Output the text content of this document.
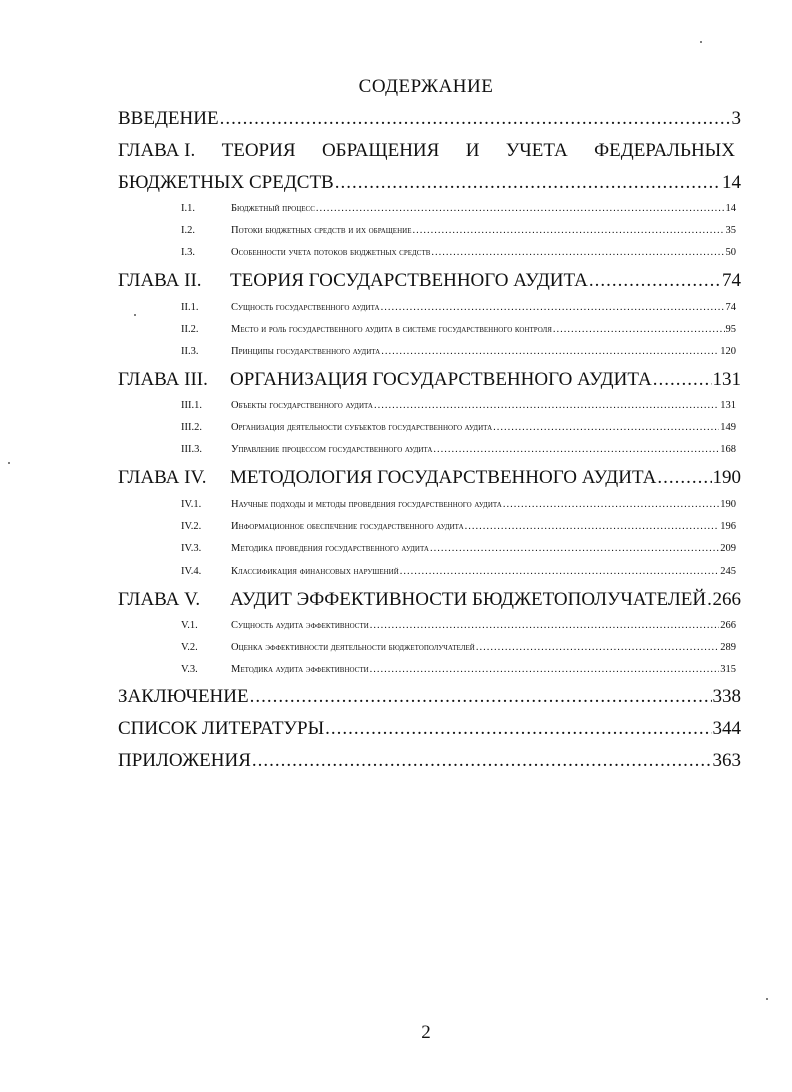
СОДЕРЖАНИЕ
ВВЕДЕНИЕ .....	3
ГЛАВА I. ТЕОРИЯ ОБРАЩЕНИЯ И УЧЕТА ФЕДЕРАЛЬНЫХ
БЮДЖЕТНЫХ СРЕДСТВ .....	14
I.1.	Бюджетный процесс .....	14
I.2.	Потоки бюджетных средств и их обращение .....	35
I.3.	Особенности учета потоков бюджетных средств .....	50
ГЛАВА II.	ТЕОРИЯ ГОСУДАРСТВЕННОГО АУДИТА .....	74
II.1.	Сущность государственного аудита .....	74
II.2.	Место и роль государственного аудита в системе государственного контроля .....	95
II.3.	Принципы государственного аудита .....	120
ГЛАВА III.	ОРГАНИЗАЦИЯ ГОСУДАРСТВЕННОГО АУДИТА .....	131
III.1.	Объекты государственного аудита .....	131
III.2.	Организация деятельности субъектов государственного аудита .....	149
III.3.	Управление процессом государственного аудита .....	168
ГЛАВА IV.	МЕТОДОЛОГИЯ ГОСУДАРСТВЕННОГО АУДИТА .....	190
IV.1.	Научные подходы и методы проведения государственного аудита .....	190
IV.2.	Информационное обеспечение государственного аудита .....	196
IV.3.	Методика проведения государственного аудита .....	209
IV.4.	Классификация финансовых нарушений .....	245
ГЛАВА V.	АУДИТ ЭФФЕКТИВНОСТИ БЮДЖЕТОПОЛУЧАТЕЛЕЙ ..... 266
V.1.	Сущность аудита эффективности .....	266
V.2.	Оценка эффективности деятельности бюджетополучателей .....	289
V.3.	Методика аудита эффективности .....	315
ЗАКЛЮЧЕНИЕ .....	338
СПИСОК ЛИТЕРАТУРЫ .....	344
ПРИЛОЖЕНИЯ .....	363
2
